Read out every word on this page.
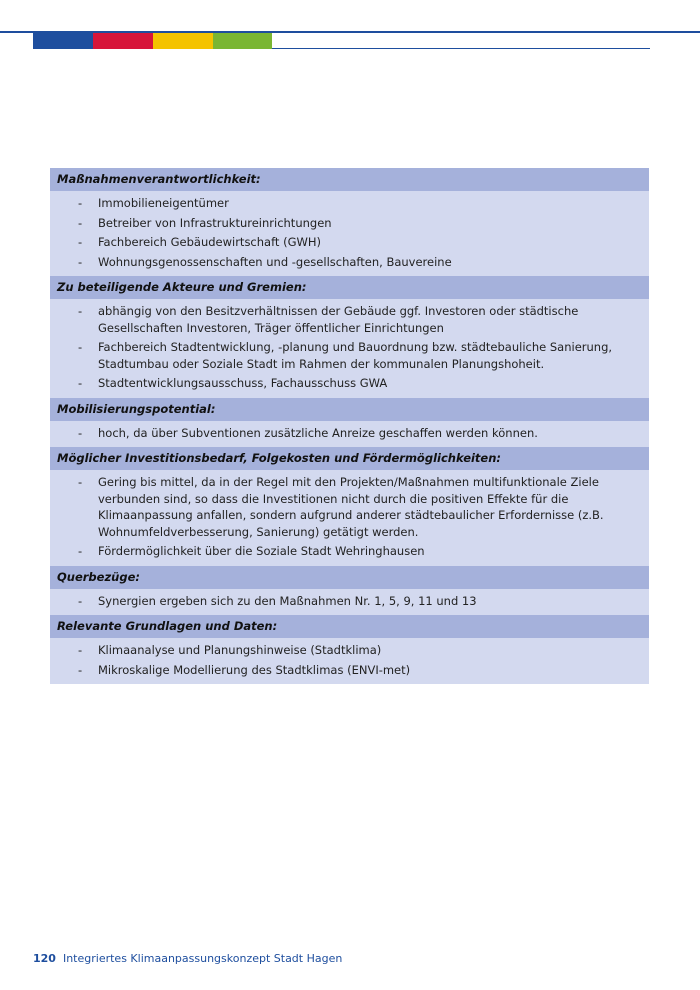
Maßnahmenverantwortlichkeit:
- Immobilieneigentümer
- Betreiber von Infrastruktureinrichtungen
- Fachbereich Gebäudewirtschaft (GWH)
- Wohnungsgenossenschaften und -gesellschaften, Bauvereine
Zu beteiligende Akteure und Gremien:
- abhängig von den Besitzverhältnissen der Gebäude ggf. Investoren oder städtische Gesellschaften Investoren, Träger öffentlicher Einrichtungen
- Fachbereich Stadtentwicklung, -planung und Bauordnung bzw. städtebauliche Sanierung, Stadtumbau oder Soziale Stadt im Rahmen der kommunalen Planungshoheit.
- Stadtentwicklungsausschuss, Fachausschuss GWA
Mobilisierungspotential:
- hoch, da über Subventionen zusätzliche Anreize geschaffen werden können.
Möglicher Investitionsbedarf, Folgekosten und Fördermöglichkeiten:
- Gering bis mittel, da in der Regel mit den Projekten/Maßnahmen multifunktionale Ziele verbunden sind, so dass die Investitionen nicht durch die positiven Effekte für die Klimaanpassung anfallen, sondern aufgrund anderer städtebaulicher Erfordernisse (z.B. Wohnumfeldverbesserung, Sanierung) getätigt werden.
- Fördermöglichkeit über die Soziale Stadt Wehringhausen
Querbezüge:
- Synergien ergeben sich zu den Maßnahmen Nr. 1, 5, 9, 11 und 13
Relevante Grundlagen und Daten:
- Klimaanalyse und Planungshinweise (Stadtklima)
- Mikroskalige Modellierung des Stadtklimas (ENVI-met)
120 Integriertes Klimaanpassungskonzept Stadt Hagen
